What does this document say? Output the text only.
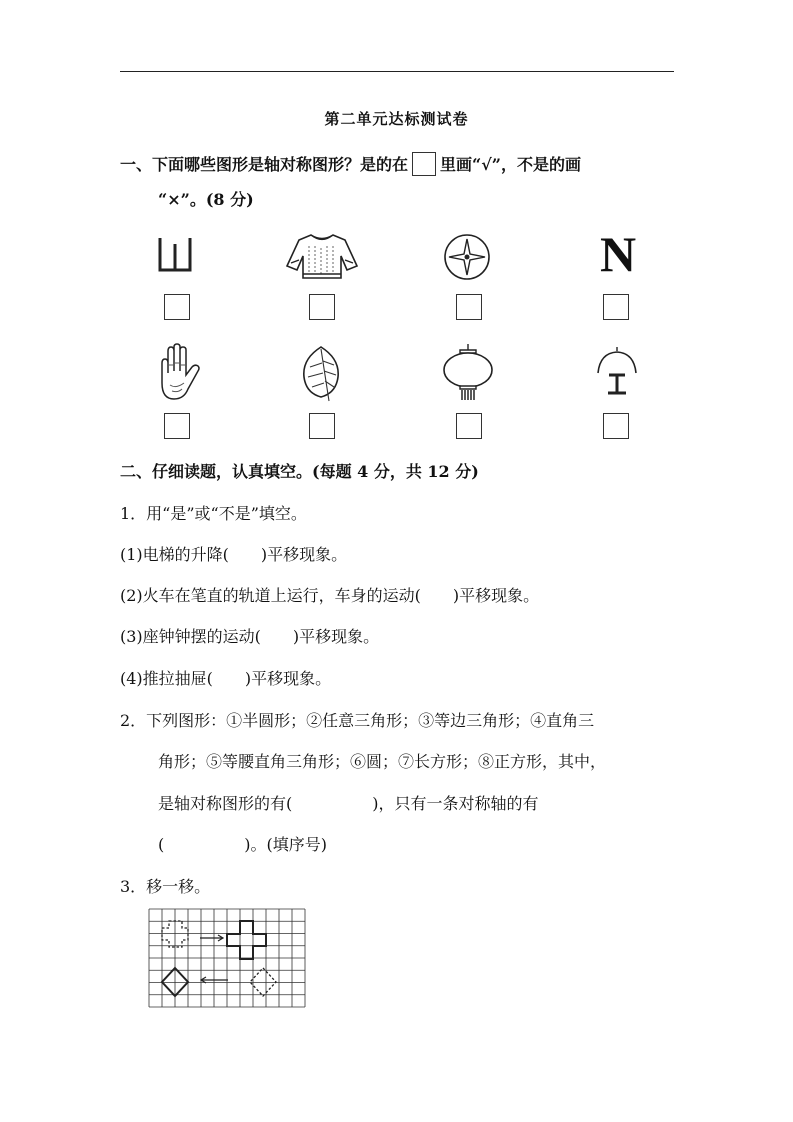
第二单元达标测试卷
一、下面哪些图形是轴对称图形？是的在 里画“√”，不是的画
“×”。(8 分)
N
二、仔细读题，认真填空。(每题 4 分，共 12 分)
1．用“是”或“不是”填空。
(1)电梯的升降(　　)平移现象。
(2)火车在笔直的轨道上运行，车身的运动(　　)平移现象。
(3)座钟钟摆的运动(　　)平移现象。
(4)推拉抽屉(　　)平移现象。
2．下列图形：①半圆形；②任意三角形；③等边三角形；④直角三
角形；⑤等腰直角三角形；⑥圆；⑦长方形；⑧正方形，其中，
是轴对称图形的有(　　　　　)，只有一条对称轴的有
(　　　　　)。(填序号)
3．移一移。
